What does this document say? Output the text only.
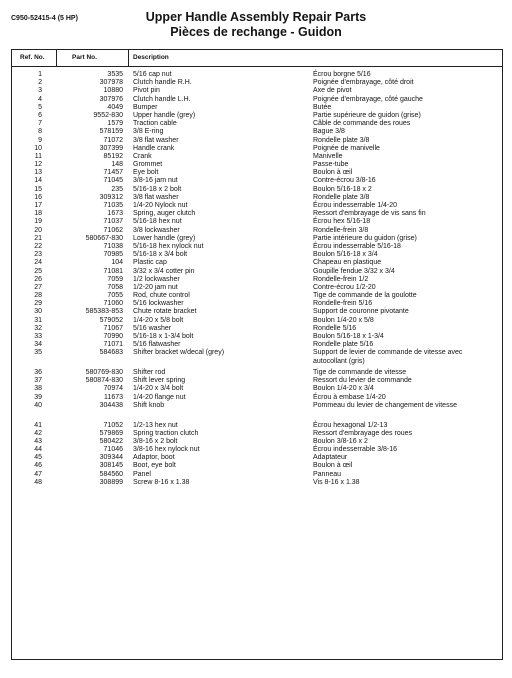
C950-52415-4 (5 HP)	Upper Handle Assembly Repair Parts
Pièces de rechange - Guidon
Ref. No.	Part No.	Description
1	3535 5/16 cap nut	Écrou borgne 5/16
2	307978 Clutch handle R.H.	Poignée d'embrayage, côté droit
3	10880 Pivot pin	Axe de pivot
4	307976 Clutch handle L.H.	Poignée d'embrayage, côté gauche
5	4049 Bumper	Butée
6	9552-830 Upper handle (grey)	Partie supérieure de guidon (grise)
7	1579 Traction cable	Câble de commande des roues
8	578159 3/8 E-ring	Bague 3/8
9	71072 3/8 flat washer	Rondelle plate 3/8
10	307399 Handle crank	Poignée de manivelle
11	85192 Crank	Manivelle
12	148 Grommet	Passe-tube
13	71457 Eye bolt	Boulon à œil
14	71045 3/8-16 jam nut	Contre-écrou 3/8-16
15	235 5/16-18 x 2 bolt	Boulon 5/16-18 x 2
16	309312 3/8 flat washer	Rondelle plate 3/8
17	71035 1/4-20 Nylock nut	Écrou indesserrable 1/4-20
18	1673 Spring, auger clutch	Ressort d'embrayage de vis sans fin
19	71037 5/16-18 hex nut	Écrou hex 5/16-18
20	71062 3/8 lockwasher	Rondelle-frein 3/8
21	580667-830 Lower handle (grey)	Partie intérieure du guidon (grise)
22	71038 5/16-18 hex nylock nut	Écrou indesserrable 5/16-18
23	70985 5/16-18 x 3/4 bolt	Boulon 5/16-18 x 3/4
24	104 Plastic cap	Chapeau en plastique
25	71081 3/32 x 3/4 cotter pin	Goupille fendue 3/32 x 3/4
26	7059 1/2 lockwasher	Rondelle-frein 1/2
27	7058 1/2-20 jam nut	Contre-écrou 1/2-20
28	7055 Rod, chute control	Tige de commande de la goulotte
29	71060 5/16 lockwasher	Rondelle-frein 5/16
30	585383-853 Chute rotate bracket	Support de couronne pivotante
31	579052 1/4-20 x 5/8 bolt	Boulon 1/4-20 x 5/8
32	71067 5/16 washer	Rondelle 5/16
33	70990 5/16-18 x 1-3/4 bolt	Boulon 5/16-18 x 1-3/4
34	71071 5/16 flatwasher	Rondelle plate 5/16
35	584683 Shifter bracket w/decal (grey)	Support de levier de commande de vitesse avec autocollant (gris)
36	580769-830 Shifter rod	Tige de commande de vitesse
37	580874-830 Shift lever spring	Ressort du levier de commande
38	70974 1/4-20 x 3/4 bolt	Boulon 1/4-20 x 3/4
39	11673 1/4-20 flange nut	Écrou à embase 1/4-20
40	304438 Shift knob	Pommeau du levier de changement de vitesse
41	71052 1/2-13 hex nut	Écrou hexagonal 1/2-13
42	579869 Spring traction clutch	Ressort d'embrayage des roues
43	580422 3/8-16 x 2 bolt	Boulon 3/8-16 x 2
44	71046 3/8-16 hex nylock nut	Écrou indesserrable 3/8-16
45	309344 Adaptor, boot	Adaptateur
46	308145 Boot, eye bolt	Boulon à œil
47	584560 Panel	Panneau
48	308899 Screw 8-16 x 1.38	Vis 8-16 x 1.38
